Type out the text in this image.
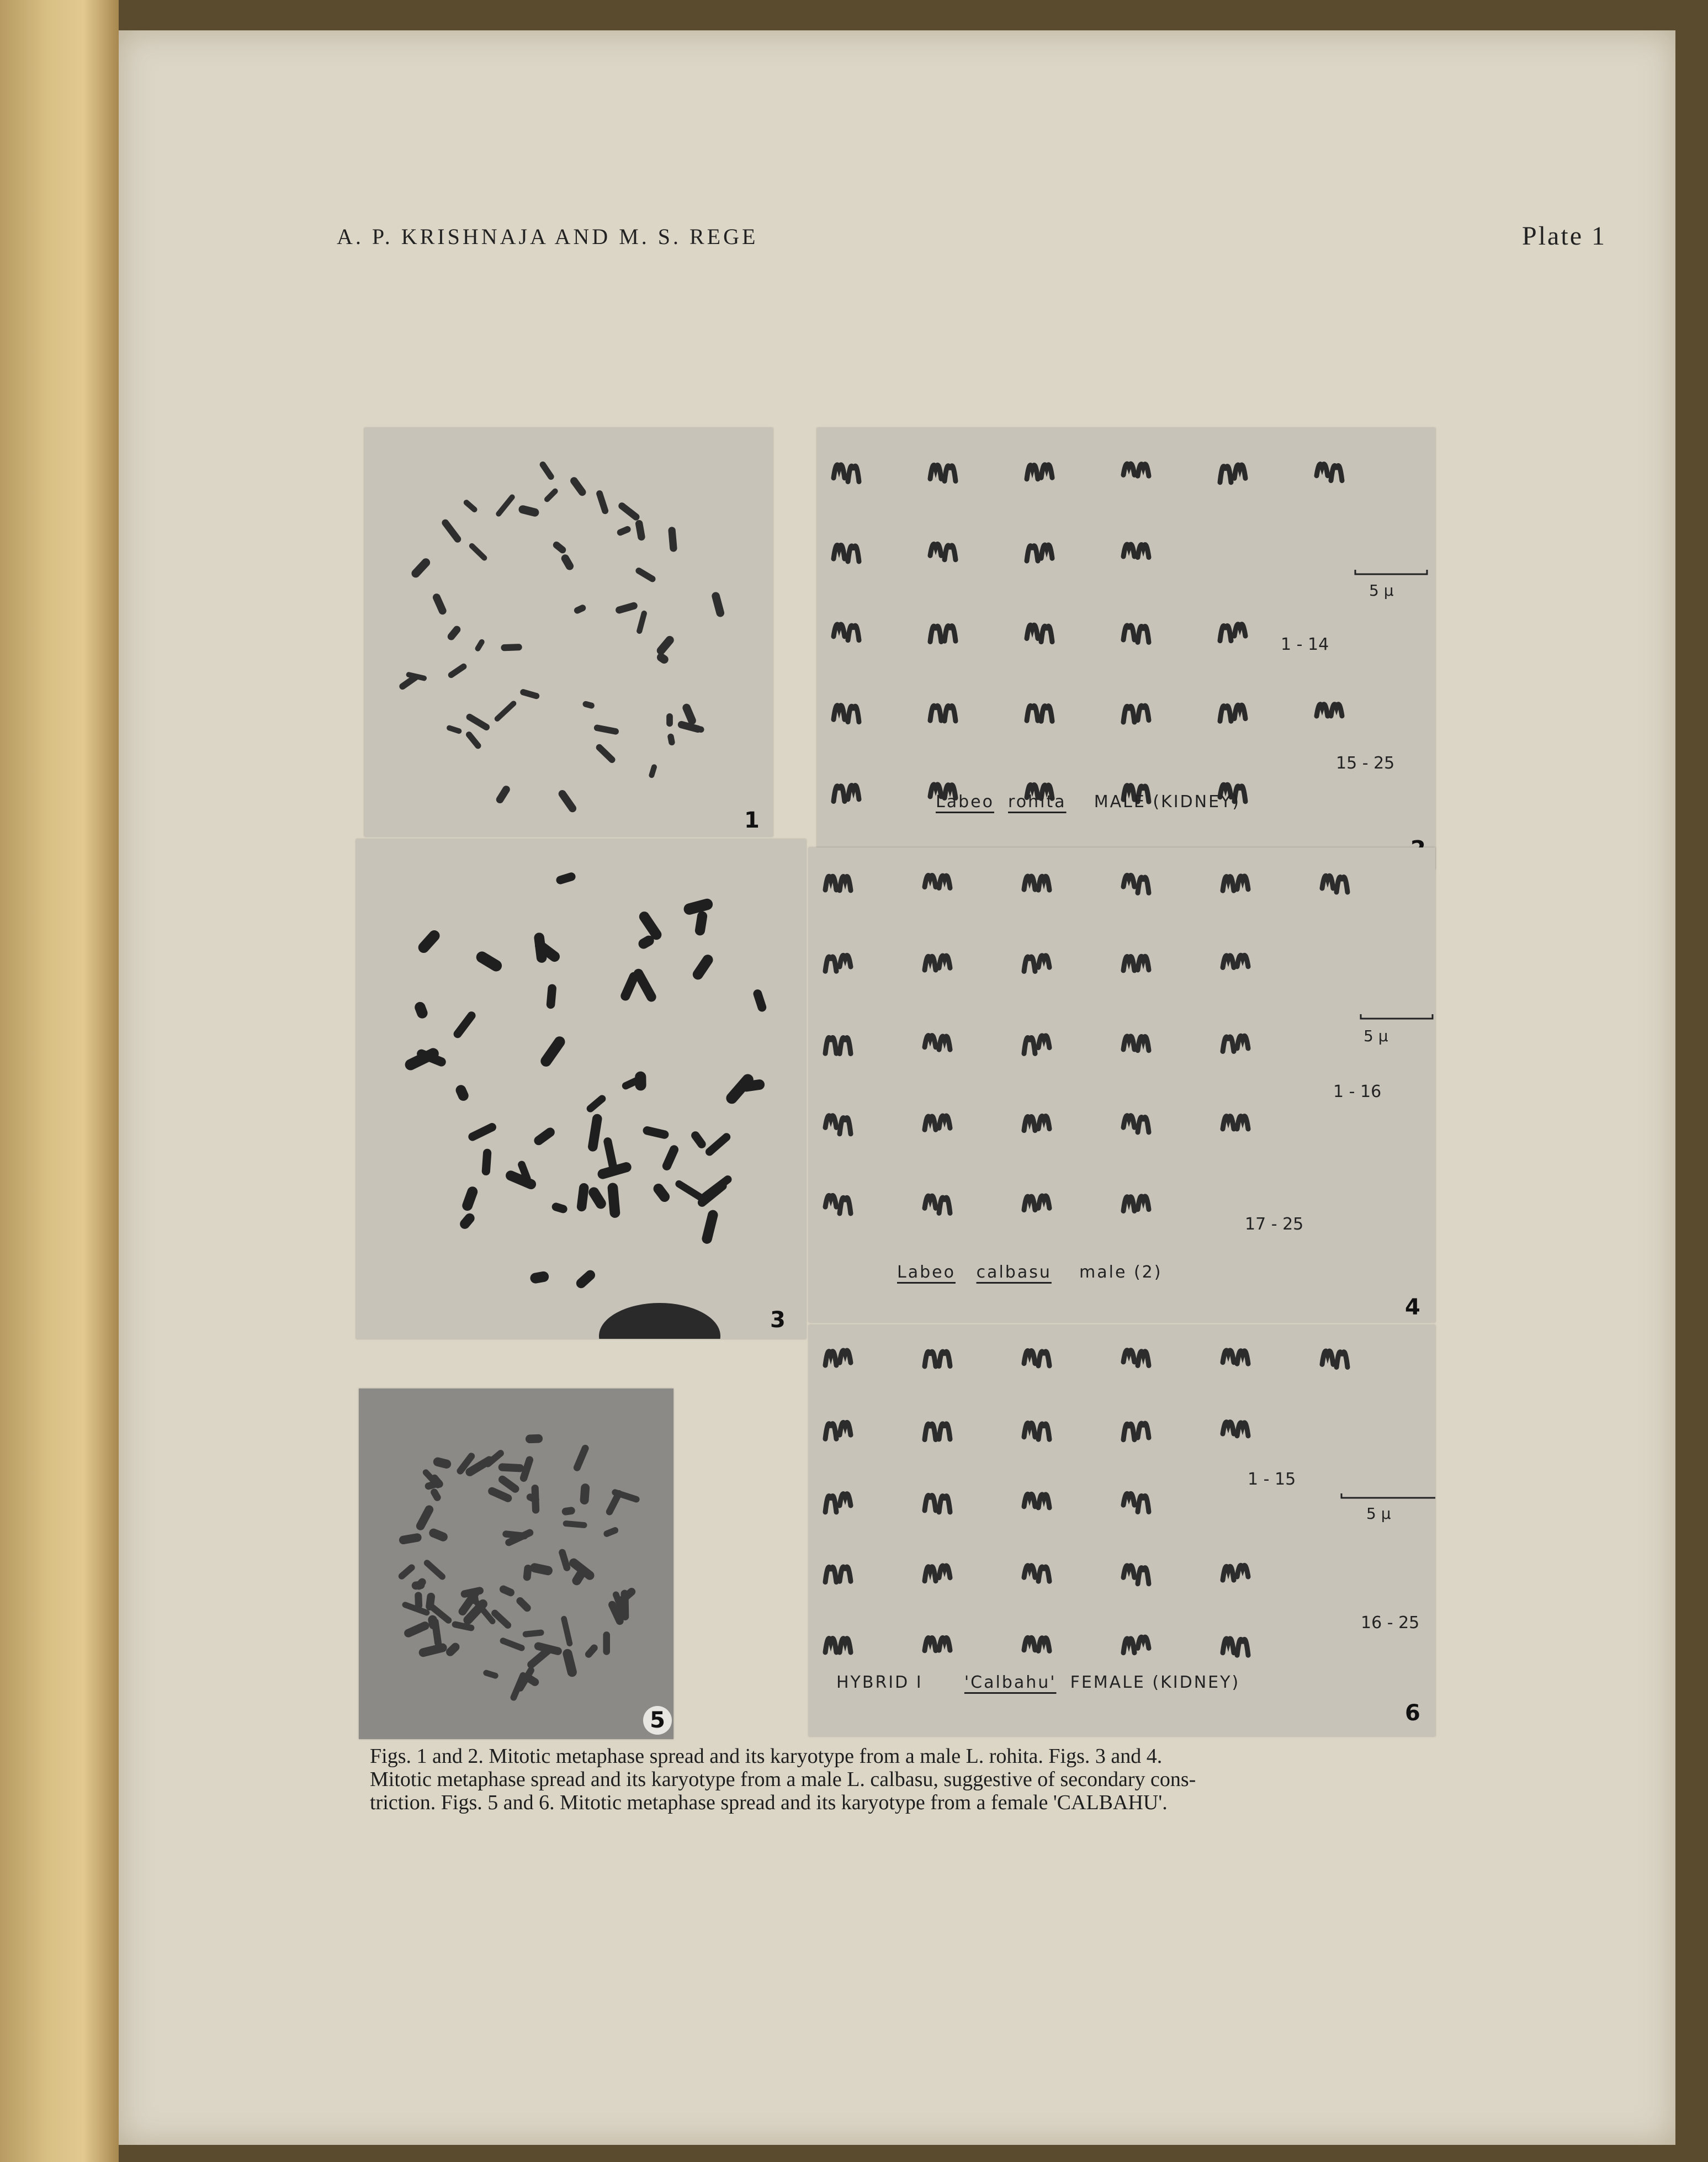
A. P. KRISHNAJA AND M. S. REGE	Plate 1
1
5 μ
1 - 14
15 - 25
Labeo rohita MALE (KIDNEY)
3
5 μ
1 - 16
17 - 25
Labeo calbasu male (2)
4
5
5 μ
1 - 15
16 - 25
HYBRID I	'Calbahu' FEMALE (KIDNEY)
6
Figs. 1 and 2. Mitotic metaphase spread and its karyotype from a male L. rohita. Figs. 3 and 4.
Mitotic metaphase spread and its karyotype from a male L. calbasu, suggestive of secondary cons-
triction. Figs. 5 and 6. Mitotic metaphase spread and its karyotype from a female 'CALBAHU'.
